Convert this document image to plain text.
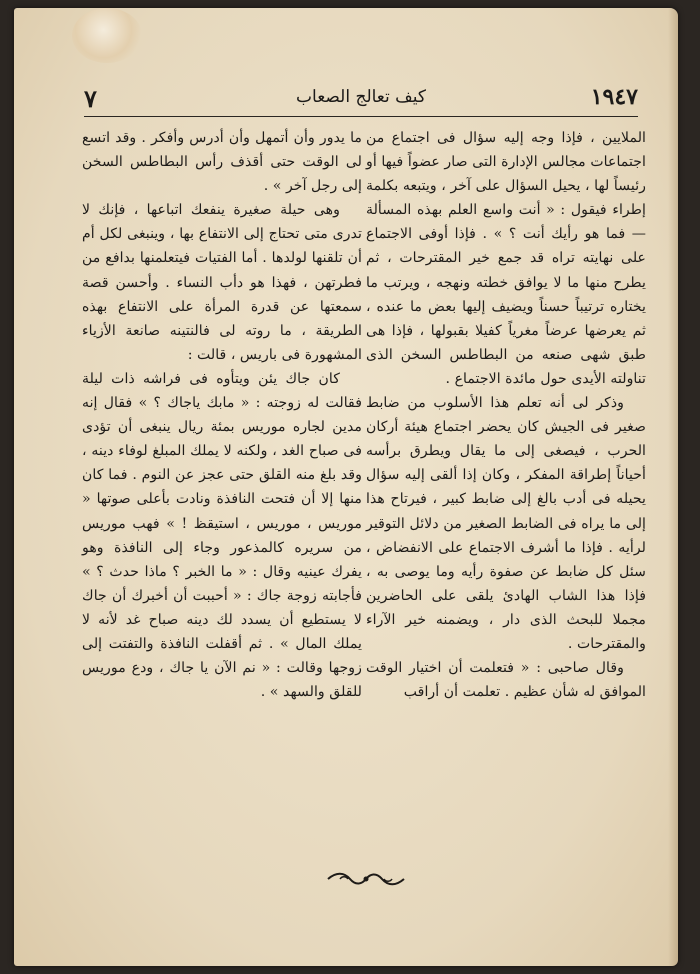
١٩٤٧
كيف تعالج الصعاب
٧

الملايين ، فإذا وجه إليه سؤال فى اجتماع من اجتماعات مجالس الإدارة التى صار عضواً فيها أو رئيساً لها ، يحيل السؤال على آخر ، ويتبعه بكلمة إطراء فيقول : « أنت واسع العلم بهذه المسألة — فما هو رأيك أنت ؟ » . فإذا أوفى الاجتماع على نهايته تراه قد جمع خير المقترحات ، ثم يطرح منها ما لا يوافق خطته ونهجه ، ويرتب ما يختاره ترتيباً حسناً ويضيف إليها بعض ما عنده ، ثم يعرضها عرضاً مغرياً كفيلا بقبولها ، فإذا هى طبق شهى صنعه من البطاطس السخن الذى تناولته الأيدى حول مائدة الاجتماع .

وذكر لى أنه تعلم هذا الأسلوب من ضابط صغير فى الجيش كان يحضر اجتماع هيئة أركان الحرب ، فيصغى إلى ما يقال ويطرق برأسه أحياناً إطراقة المفكر ، وكان إذا ألقى إليه سؤال يحيله فى أدب بالغ إلى ضابط كبير ، فيرتاح هذا إلى ما يراه فى الضابط الصغير من دلائل التوقير لرأيه . فإذا ما أشرف الاجتماع على الانفضاض ، سئل كل ضابط عن صفوة رأيه وما يوصى به ، فإذا هذا الشاب الهادئ يلقى على الحاضرين مجملا للبحث الذى دار ، ويضمنه خير الآراء والمقترحات .

وقال صاحبى : « فتعلمت أن اختيار الوقت الموافق له شأن عظيم . تعلمت أن أراقب

ما يدور وأن أتمهل وأن أدرس وأفكر . وقد اتسع لى الوقت حتى أقذف رأس البطاطس السخن إلى رجل آخر » .

وهى حيلة صغيرة ينفعك اتباعها ، فإنك لا تدرى متى تحتاج إلى الانتفاع بها ، وينبغى لكل أم أن تلقنها لولدها . أما الفتيات فيتعلمنها بدافع من فطرتهن ، فهذا هو دأب النساء . وأحسن قصة سمعتها عن قدرة المرأة على الانتفاع بهذه الطريقة ، ما روته لى فالنتينه صانعة الأزياء المشهورة فى باريس ، قالت :

كان جاك يئن ويتأوه فى فراشه ذات ليلة فقالت له زوجته : « مابك ياجاك ؟ » فقال إنه مدين لجاره موريس بمئة ريال ينبغى أن تؤدى فى صباح الغد ، ولكنه لا يملك المبلغ لوفاء دينه ، وقد بلغ منه القلق حتى عجز عن النوم . فما كان منها إلا أن فتحت النافذة ونادت بأعلى صوتها « موريس ، موريس ، استيقظ ! » فهب موريس من سريره كالمذعور وجاء إلى النافذة وهو يفرك عينيه وقال : « ما الخبر ؟ ماذا حدث ؟ » فأجابته زوجة جاك : « أحببت أن أخبرك أن جاك لا يستطيع أن يسدد لك دينه صباح غد لأنه لا يملك المال » . ثم أقفلت النافذة والتفتت إلى زوجها وقالت : « نم الآن يا جاك ، ودع موريس للقلق والسهد » .
